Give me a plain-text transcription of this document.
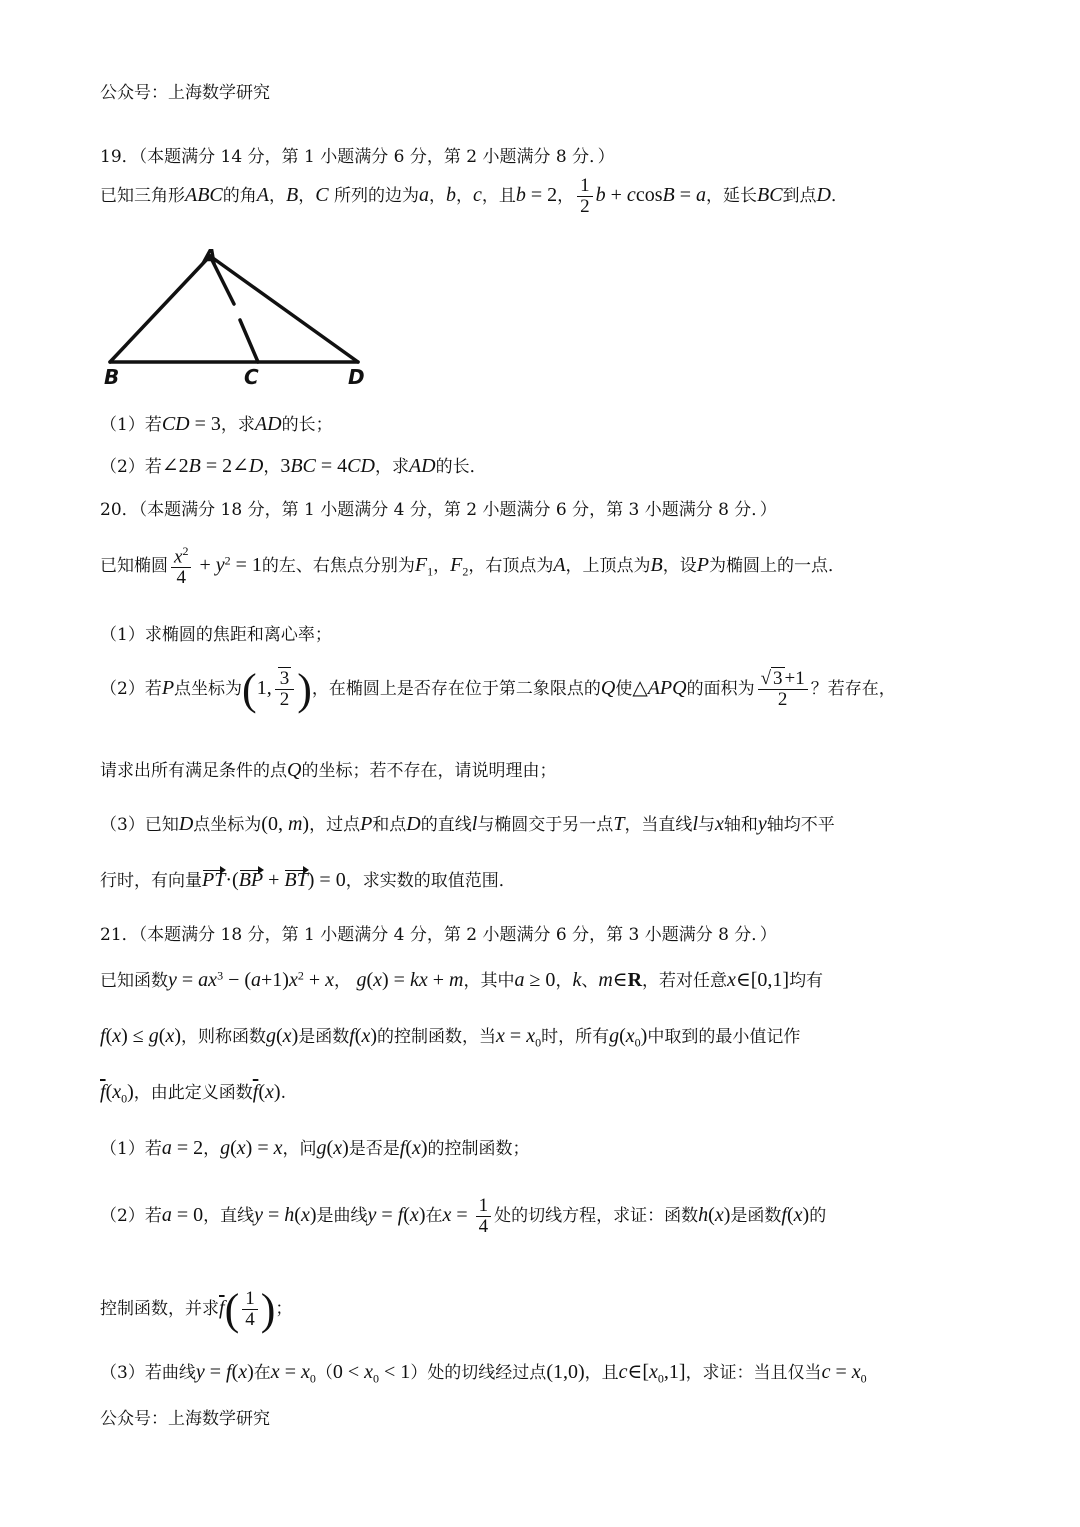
公众号：上海数学研究
19．（本题满分 14 分，第 1 小题满分 6 分，第 2 小题满分 8 分．）
已知三角形ABC的角A，B，C 所列的边为a，b，c，且b = 2， $\frac{1}{2}$ b + ccosB = a，延长BC到点D．
A
B	C	D
（1）若CD = 3，求AD的长；
（2）若∠2B = 2∠D，3BC = 4CD，求AD的长．
20．（本题满分 18 分，第 1 小题满分 4 分，第 2 小题满分 6 分，第 3 小题满分 8 分．）
已知椭圆 $\frac{x^2}{4} + y^2 = 1$的左、右焦点分别为$F_1$，$F_2$，右顶点为A，上顶点为B，设P为椭圆上的一点．
（1）求椭圆的焦距和离心率；
（2）若P点坐标为(1, $\frac{3}{2}$ )，在椭圆上是否存在位于第二象限点的Q使△APQ的面积为 $\frac{√ 3 +1}{2}$ ？若存在，
请求出所有满足条件的点Q的坐标；若不存在，请说明理由；
（3）已知D点坐标为(0, m)，过点P和点D的直线l与椭圆交于另一点T，当直线l与x轴和y轴均不平
行时，有向量PT·(BP + BT) = 0，求实数的取值范围．
21．（本题满分 18 分，第 1 小题满分 4 分，第 2 小题满分 6 分，第 3 小题满分 8 分．）
已知函数$y = ax^3 - (a+1)x^2 + x$， g(x) = kx + m，其中a ≥ 0，k、m∈R，若对任意x∈[0,1]均有
f(x) ≤ g(x)，则称函数g(x)是函数f(x)的控制函数，当$x = x_0$时，所有$g(x_0)$中取到的最小值记作
$\overline{f}(x_0)$，由此定义函数$\overline{f}(x)$.
（1）若a = 2，g(x) = x，问g(x)是否是f(x)的控制函数；
（2）若a = 0，直线y = h(x)是曲线y = f(x)在$x = \frac{1}{4}$ 处的切线方程，求证：函数h(x)是函数f(x)的
控制函数，并求$\overline{f}( \frac{1}{4}$ )；
（3）若曲线y = f(x)在$x = x_0(0 < x_0 < 1)$处的切线经过点(1,0)，且$c\in[x_0,1]$，求证：当且仅当$c = x_0$
公众号：上海数学研究
